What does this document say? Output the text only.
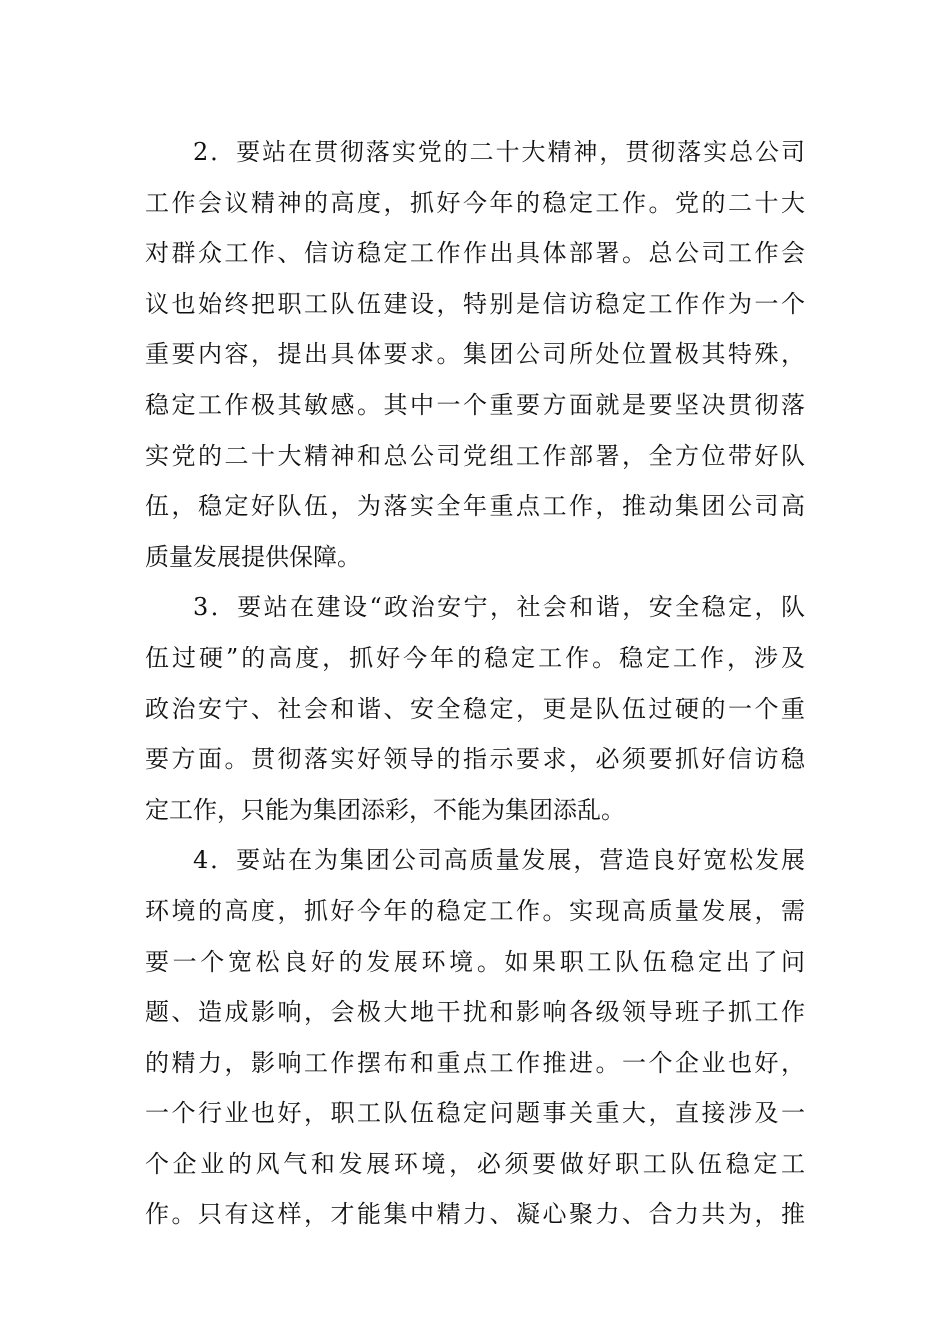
2．要站在贯彻落实党的二十大精神，贯彻落实总公司
工作会议精神的高度，抓好今年的稳定工作。党的二十大
对群众工作、信访稳定工作作出具体部署。总公司工作会
议也始终把职工队伍建设，特别是信访稳定工作作为一个
重要内容，提出具体要求。集团公司所处位置极其特殊，
稳定工作极其敏感。其中一个重要方面就是要坚决贯彻落
实党的二十大精神和总公司党组工作部署，全方位带好队
伍，稳定好队伍，为落实全年重点工作，推动集团公司高
质量发展提供保障。
3．要站在建设“政治安宁，社会和谐，安全稳定，队
伍过硬”的高度，抓好今年的稳定工作。稳定工作，涉及
政治安宁、社会和谐、安全稳定，更是队伍过硬的一个重
要方面。贯彻落实好领导的指示要求，必须要抓好信访稳
定工作，只能为集团添彩，不能为集团添乱。
4．要站在为集团公司高质量发展，营造良好宽松发展
环境的高度，抓好今年的稳定工作。实现高质量发展，需
要一个宽松良好的发展环境。如果职工队伍稳定出了问
题、造成影响，会极大地干扰和影响各级领导班子抓工作
的精力，影响工作摆布和重点工作推进。一个企业也好，
一个行业也好，职工队伍稳定问题事关重大，直接涉及一
个企业的风气和发展环境，必须要做好职工队伍稳定工
作。只有这样，才能集中精力、凝心聚力、合力共为，推
